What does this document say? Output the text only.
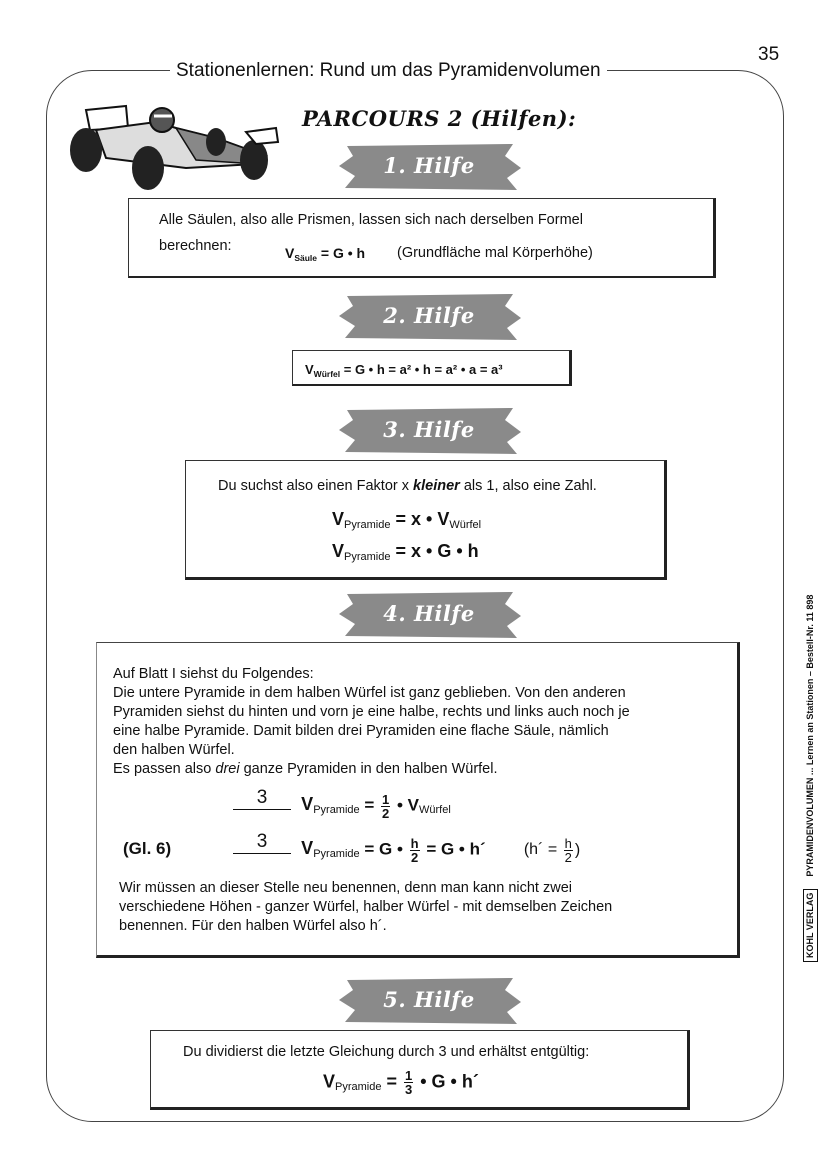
35
Stationenlernen: Rund um das Pyramidenvolumen
PARCOURS 2 (Hilfen):
1. Hilfe
Alle Säulen, also alle Prismen, lassen sich nach derselben Formel
berechnen:	$V_{Säule} = G$ • h (Grundfläche mal Körperhöhe)
2. Hilfe
$V_{Würfel} = G$ • h = a² • h = a² • a = a³
3. Hilfe
Du suchst also einen Faktor x kleiner als 1, also eine Zahl.
VPyramide = x • VWürfel
VPyramide = x • G • h
4. Hilfe
Auf Blatt I siehst du Folgendes:
Die untere Pyramide in dem halben Würfel ist ganz geblieben. Von den anderen
Pyramiden siehst du hinten und vorn je eine halbe, rechts und links auch noch je
eine halbe Pyramide. Damit bilden drei Pyramiden eine flache Säule, nämlich
den halben Würfel.
Es passen also drei ganze Pyramiden in den halben Würfel.
3	$V_{Pyramide} = \frac{1}{2}$ • $V_{Würfel}$
(Gl. 6)	3	$V_{Pyramide} = G$ • $\frac{h}{2} = G$ • h´ (h´ = $\frac{h}{2}$ )
Wir müssen an dieser Stelle neu benennen, denn man kann nicht zwei
verschiedene Höhen - ganzer Würfel, halber Würfel - mit demselben Zeichen
benennen. Für den halben Würfel also h´.
5. Hilfe
Du dividierst die letzte Gleichung durch 3 und erhältst entgültig:
VPyramide = $\frac{1}{3}$ • G • h´
KOHL VERLAGPYRAMIDENVOLUMEN ... Lernen an Stationen – Bestell-Nr. 11 898
